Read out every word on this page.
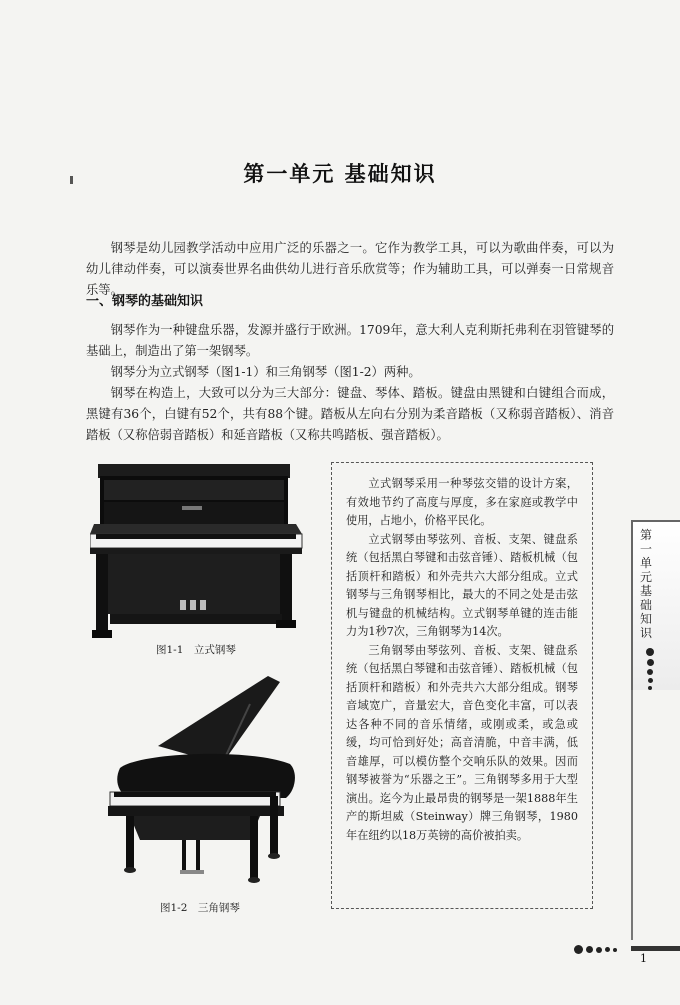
第一单元 基础知识

钢琴是幼儿园教学活动中应用广泛的乐器之一。它作为教学工具，可以为歌曲伴奏，可以为幼儿律动伴奏，可以演奏世界名曲供幼儿进行音乐欣赏等；作为辅助工具，可以弹奏一日常规音乐等。

一、钢琴的基础知识

钢琴作为一种键盘乐器，发源并盛行于欧洲。1709年，意大利人克利斯托弗利在羽管键琴的基础上，制造出了第一架钢琴。

钢琴分为立式钢琴（图1-1）和三角钢琴（图1-2）两种。

钢琴在构造上，大致可以分为三大部分：键盘、琴体、踏板。键盘由黑键和白键组合而成，黑键有36个，白键有52个，共有88个键。踏板从左向右分别为柔音踏板（又称弱音踏板）、消音踏板（又称倍弱音踏板）和延音踏板（又称共鸣踏板、强音踏板）。

图1-1　立式钢琴
图1-2　三角钢琴

立式钢琴采用一种琴弦交错的设计方案，有效地节约了高度与厚度，多在家庭或教学中使用，占地小，价格平民化。

立式钢琴由琴弦列、音板、支架、键盘系统（包括黑白琴键和击弦音锤）、踏板机械（包括顶杆和踏板）和外壳共六大部分组成。立式钢琴与三角钢琴相比，最大的不同之处是击弦机与键盘的机械结构。立式钢琴单键的连击能力为1秒7次，三角钢琴为14次。

三角钢琴由琴弦列、音板、支架、键盘系统（包括黑白琴键和击弦音锤）、踏板机械（包括顶杆和踏板）和外壳共六大部分组成。钢琴音域宽广，音量宏大，音色变化丰富，可以表达各种不同的音乐情绪，或刚或柔，或急或缓，均可恰到好处；高音清脆，中音丰满，低音雄厚，可以模仿整个交响乐队的效果。因而钢琴被誉为“乐器之王”。三角钢琴多用于大型演出。迄今为止最昂贵的钢琴是一架1888年生产的斯坦威（Steinway）牌三角钢琴，1980年在纽约以18万英镑的高价被拍卖。

第一单元 基础知识
1
